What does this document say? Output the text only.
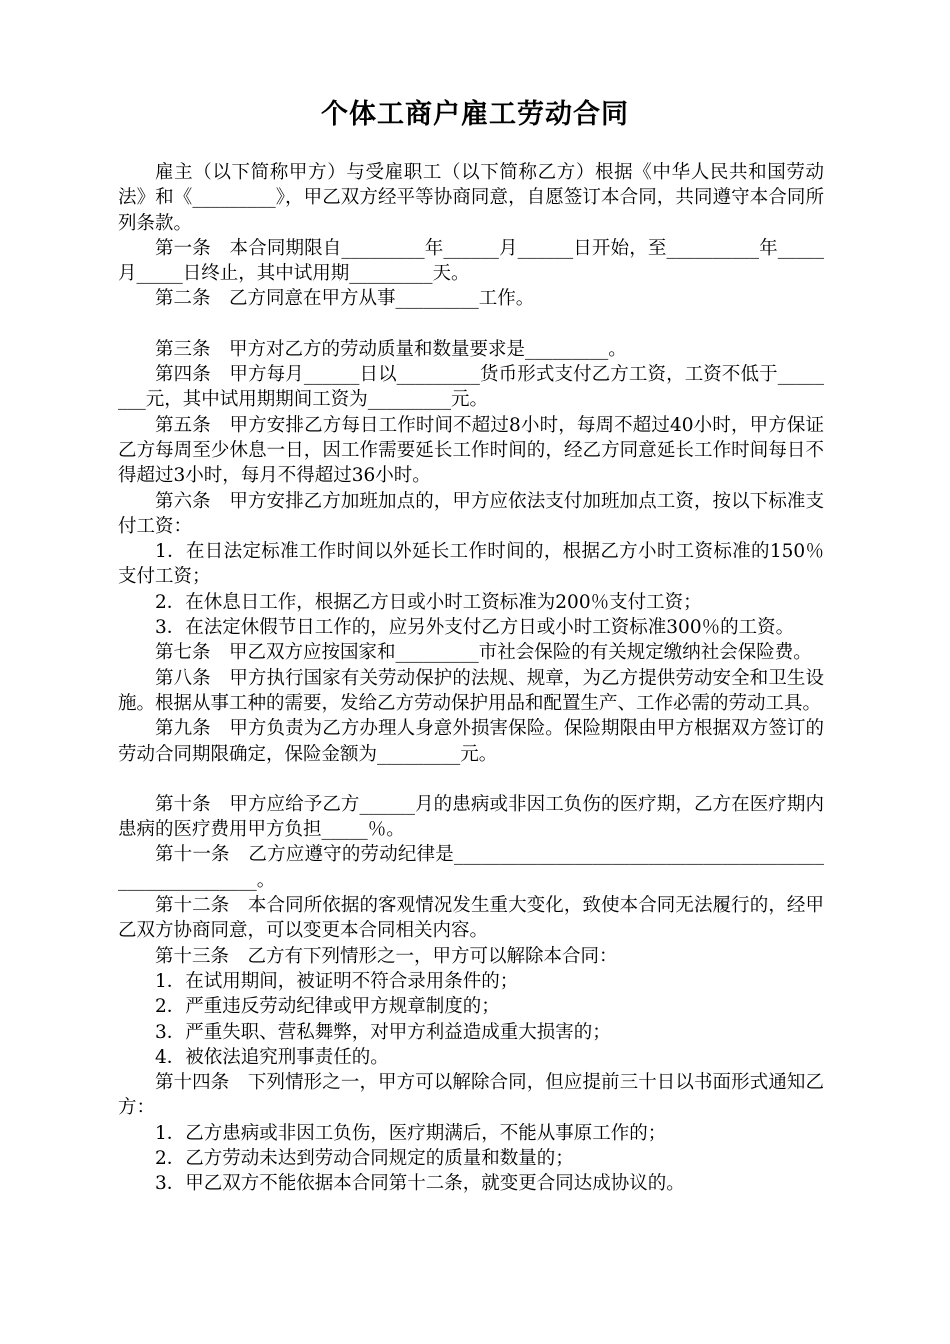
个体工商户雇工劳动合同

雇主（以下简称甲方）与受雇职工（以下简称乙方）根据《中华人民共和国劳动法》和《_________》，甲乙双方经平等协商同意，自愿签订本合同，共同遵守本合同所列条款。

第一条　本合同期限自_________年______月______日开始，至__________年_____月_____日终止，其中试用期_________天。

第二条　乙方同意在甲方从事_________工作。

第三条　甲方对乙方的劳动质量和数量要求是_________。

第四条　甲方每月______日以_________货币形式支付乙方工资，工资不低于________元，其中试用期期间工资为_________元。

第五条　甲方安排乙方每日工作时间不超过8小时，每周不超过40小时，甲方保证乙方每周至少休息一日，因工作需要延长工作时间的，经乙方同意延长工作时间每日不得超过3小时，每月不得超过36小时。

第六条　甲方安排乙方加班加点的，甲方应依法支付加班加点工资，按以下标准支付工资：

1．在日法定标准工作时间以外延长工作时间的，根据乙方小时工资标准的150％支付工资；

2．在休息日工作，根据乙方日或小时工资标准为200％支付工资；

3．在法定休假节日工作的，应另外支付乙方日或小时工资标准300％的工资。

第七条　甲乙双方应按国家和_________市社会保险的有关规定缴纳社会保险费。

第八条　甲方执行国家有关劳动保护的法规、规章，为乙方提供劳动安全和卫生设施。根据从事工种的需要，发给乙方劳动保护用品和配置生产、工作必需的劳动工具。

第九条　甲方负责为乙方办理人身意外损害保险。保险期限由甲方根据双方签订的劳动合同期限确定，保险金额为_________元。

第十条　甲方应给予乙方______月的患病或非因工负伤的医疗期，乙方在医疗期内患病的医疗费用甲方负担_____％。

第十一条　乙方应遵守的劳动纪律是_______________________________________________________。

第十二条　本合同所依据的客观情况发生重大变化，致使本合同无法履行的，经甲乙双方协商同意，可以变更本合同相关内容。

第十三条　乙方有下列情形之一，甲方可以解除本合同：

1．在试用期间，被证明不符合录用条件的；

2．严重违反劳动纪律或甲方规章制度的；

3．严重失职、营私舞弊，对甲方利益造成重大损害的；

4．被依法追究刑事责任的。

第十四条　下列情形之一，甲方可以解除合同，但应提前三十日以书面形式通知乙方：

1．乙方患病或非因工负伤，医疗期满后，不能从事原工作的；

2．乙方劳动未达到劳动合同规定的质量和数量的；

3．甲乙双方不能依据本合同第十二条，就变更合同达成协议的。
